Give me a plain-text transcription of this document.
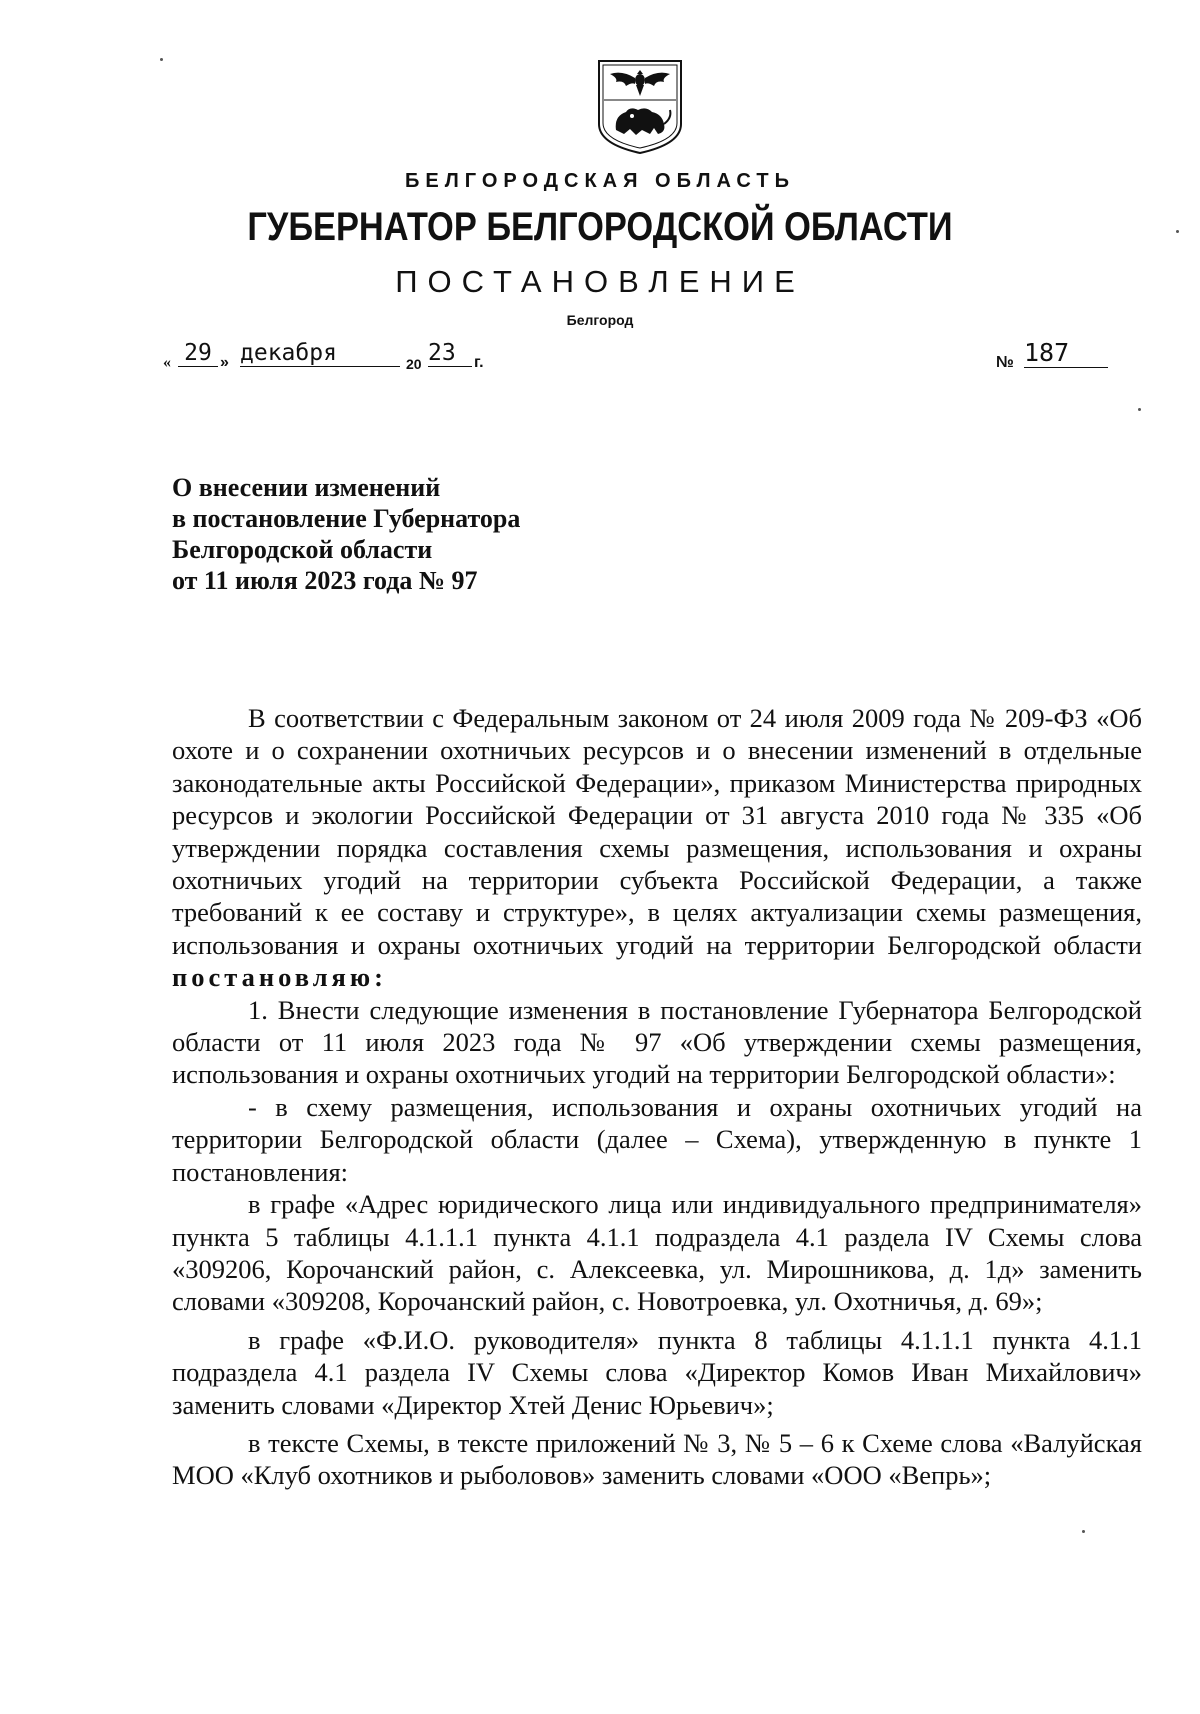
БЕЛГОРОДСКАЯ ОБЛАСТЬ
ГУБЕРНАТОР БЕЛГОРОДСКОЙ ОБЛАСТИ
ПОСТАНОВЛЕНИЕ
Белгород
« 29 » декабря	20 23	г.	№ 187
О внесении изменений
в постановление Губернатора
Белгородской области
от 11 июля 2023 года № 97

В соответствии с Федеральным законом от 24 июля 2009 года № 209-ФЗ «Об охоте и о сохранении охотничьих ресурсов и о внесении изменений в отдельные законодательные акты Российской Федерации», приказом Министерства природных ресурсов и экологии Российской Федерации от 31 августа 2010 года № 335 «Об утверждении порядка составления схемы размещения, использования и охраны охотничьих угодий на территории субъекта Российской Федерации, а также требований к ее составу и структуре», в целях актуализации схемы размещения, использования и охраны охотничьих угодий на территории Белгородской области постановляю:

1. Внести следующие изменения в постановление Губернатора Белгородской области от 11 июля 2023 года № 97 «Об утверждении схемы размещения, использования и охраны охотничьих угодий на территории Белгородской области»:

- в схему размещения, использования и охраны охотничьих угодий на территории Белгородской области (далее – Схема), утвержденную в пункте 1 постановления:

в графе «Адрес юридического лица или индивидуального предпринимателя» пункта 5 таблицы 4.1.1.1 пункта 4.1.1 подраздела 4.1 раздела IV Схемы слова «309206, Корочанский район, с. Алексеевка, ул. Мирошникова, д. 1д» заменить словами «309208, Корочанский район, с. Новотроевка, ул. Охотничья, д. 69»;

в графе «Ф.И.О. руководителя» пункта 8 таблицы 4.1.1.1 пункта 4.1.1 подраздела 4.1 раздела IV Схемы слова «Директор Комов Иван Михайлович» заменить словами «Директор Хтей Денис Юрьевич»;

в тексте Схемы, в тексте приложений № 3, № 5 – 6 к Схеме слова «Валуйская МОО «Клуб охотников и рыболовов» заменить словами «ООО «Вепрь»;
